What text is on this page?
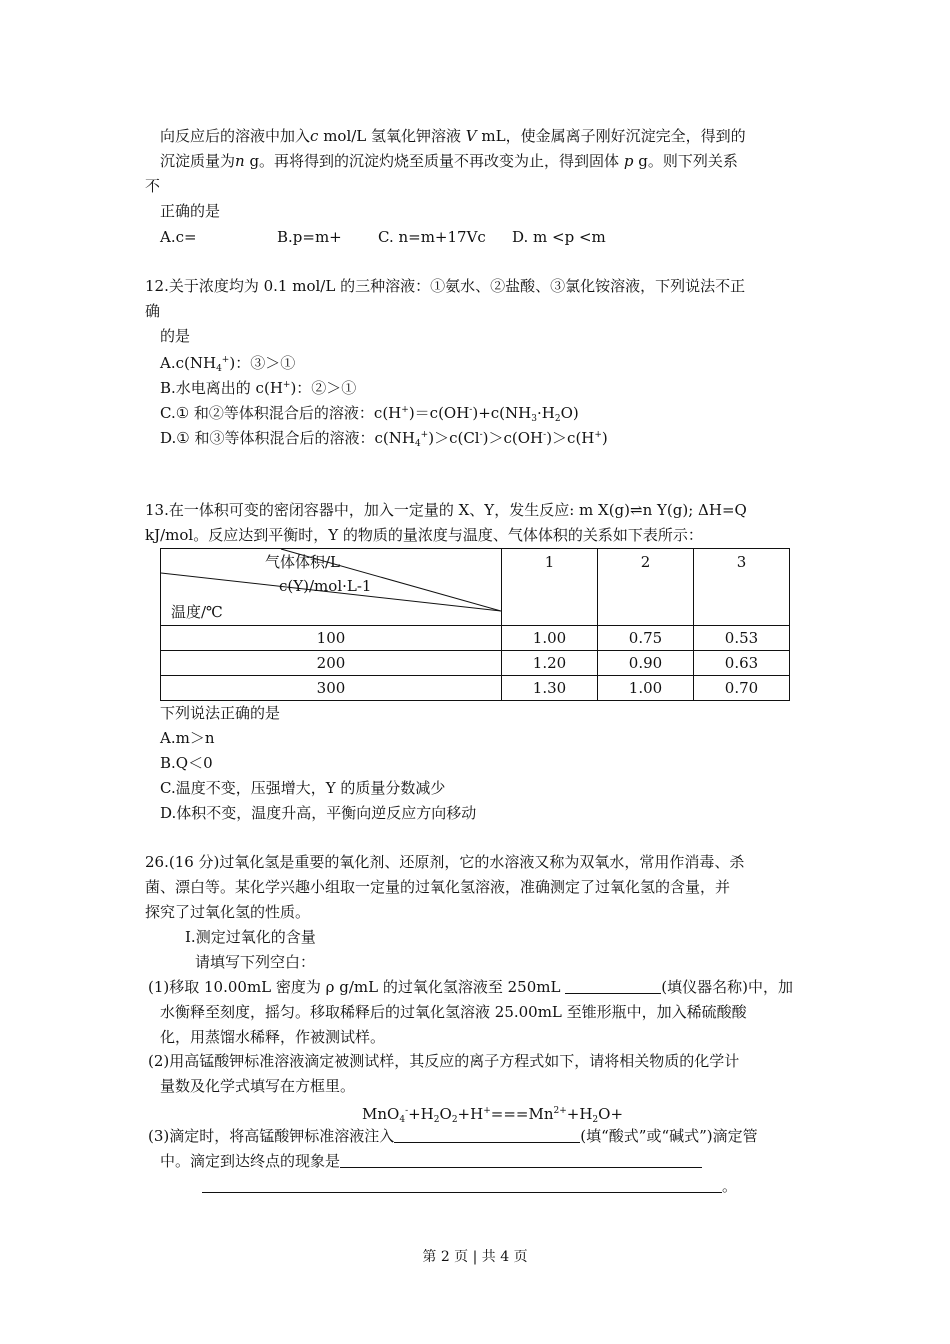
向反应后的溶液中加入c mol/L 氢氧化钾溶液 V mL，使金属离子刚好沉淀完全，得到的
沉淀质量为n g。再将得到的沉淀灼烧至质量不再改变为止，得到固体 p g。则下列关系
不
正确的是
A.c=	B.p=m+ C. n=m+17Vc D. m <p <m
12.关于浓度均为 0.1 mol/L 的三种溶液：①氨水、②盐酸、③氯化铵溶液，下列说法不正
确
的是
$A.c(NH_4^+)$：③＞①
B.水电离出的 c(H+)：②＞①
C.① 和②等体积混合后的溶液：$c(H^+)=c(OH^-)+c(NH_3\cdot H_2O)$
D.① 和③等体积混合后的溶液：$c(NH_4^+)>c(Cl^-)>c(OH^-)>c(H^+)$
13.在一体积可变的密闭容器中，加入一定量的 X、Y，发生反应: m X(g)⇌n Y(g); ΔH=Q
kJ/mol。反应达到平衡时，Y 的物质的量浓度与温度、气体体积的关系如下表所示：
气体体积/L
c(Y)/mol·L-1
温度/℃	1	2	3
100	1.00	0.75	0.53
200	1.20	0.90	0.63
300	1.30	1.00	0.70
下列说法正确的是
A.m＞n
B.Q＜0
C.温度不变，压强增大，Y 的质量分数减少
D.体积不变，温度升高，平衡向逆反应方向移动
26.(16 分)过氧化氢是重要的氧化剂、还原剂，它的水溶液又称为双氧水，常用作消毒、杀
菌、漂白等。某化学兴趣小组取一定量的过氧化氢溶液，准确测定了过氧化氢的含量，并
探究了过氧化氢的性质。
I.测定过氧化的含量
请填写下列空白：
(1)移取 10.00mL 密度为 ρ g/mL 的过氧化氢溶液至 250mL	(填仪器名称)中，加
水衡释至刻度，摇匀。移取稀释后的过氧化氢溶液 25.00mL 至锥形瓶中，加入稀硫酸酸
化，用蒸馏水稀释，作被测试样。
(2)用高锰酸钾标准溶液滴定被测试样，其反应的离子方程式如下，请将相关物质的化学计
量数及化学式填写在方框里。
$MnO_4^-+H_2O_2+H^+===Mn^{2+}+H_2O+$
(3)滴定时，将高锰酸钾标准溶液注入	(填“酸式”或“碱式”)滴定管
中。滴定到达终点的现象是
。
第 2 页 | 共 4 页
